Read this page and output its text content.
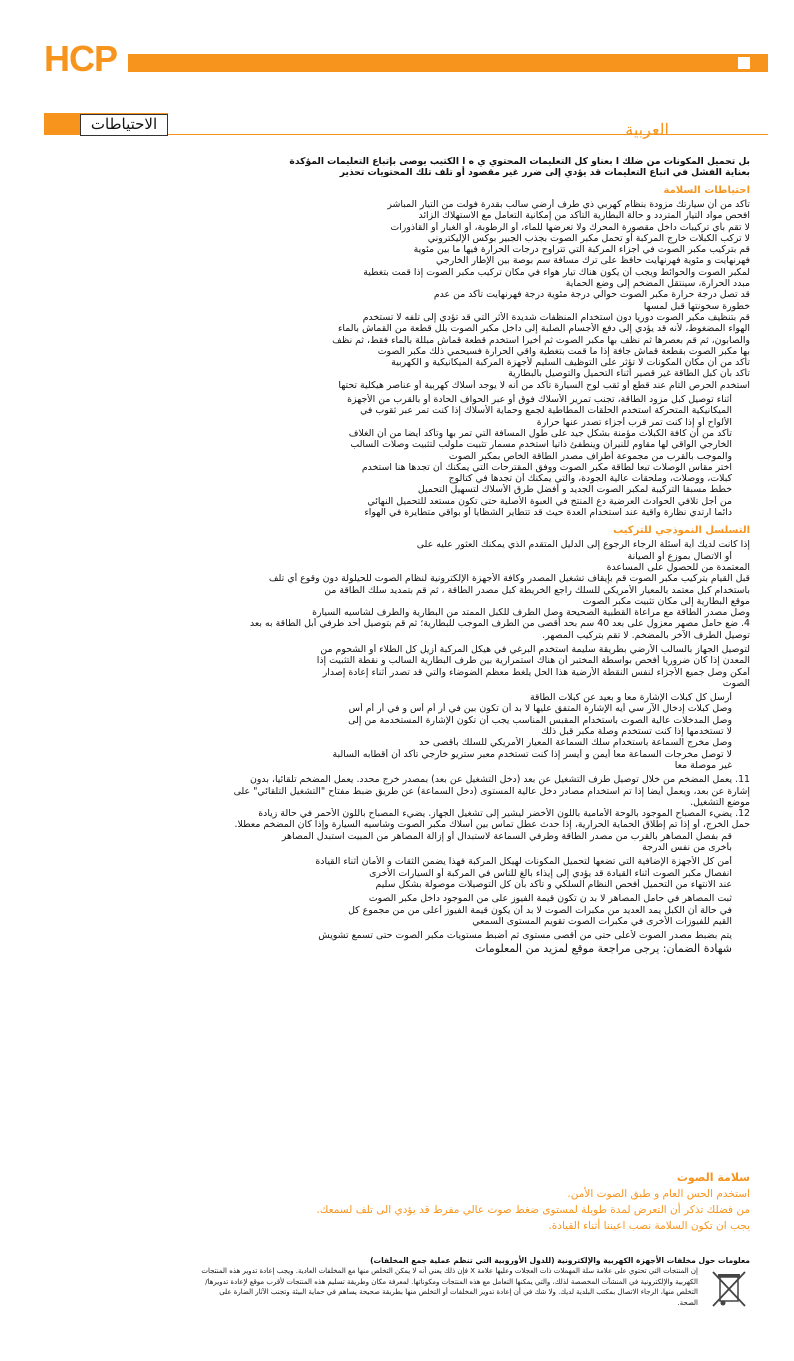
HCP
الاحتياطات	العربية
بل تحميل المكونات من ضلك ا بعناو كل التعليمات المحتوي ي ه ا الكتيب يوصى بإتباع التعليمات المؤكدة
بعناية الفشل في اتباع التعليمات قد يؤدي إلى ضرر غير مقصود أو تلف تلك المحتويات تحذير
احتياطات السلامة
تأكد من أن سيارتك مزودة بنظام كهربي ذي طرف أرضي سالب بقدرة فولت من التيار المباشر
افحص مواد التيار المتردد و حالة البطارية التأكد من إمكانية التعامل مع الاستهلاك الزائد
لا تقم بأي تركيبات داخل مقصورة المحرك ولا تعرضها للماء، أو الرطوبة، أو الغبار أو القاذورات
لا تركب الكبلات خارج المركبة أو تحمل مكبر الصوت بجذب الجبير بوكس الإليكتروني
قم بتركيب مكبر الصوت في أجزاء المركبة التي تتراوح درجات الحرارة فيها ما بين مئوية
فهرنهايت و مئوية فهرنهايت حافظ على ترك مسافة سم بوصة بين الإطار الخارجي
لمكبر الصوت والحوائط ويجب أن يكون هناك تيار هواء في مكان تركيب مكبر الصوت إذا قمت بتغطية
مبدد الحرارة، سينتقل المضخم إلى وضع الحماية
قد تصل درجة حرارة مكبر الصوت حوالي درجة مئوية درجة فهرنهايت تأكد من عدم
خطورة سخونتها قبل لمسها
قم بتنظيف مكبر الصوت دوريا دون استخدام المنظفات شديدة الأثر التي قد تؤدي إلى تلفه لا تستخدم
الهواء المضغوط، لأنه قد يؤدي إلى دفع الأجسام الصلبة إلى داخل مكبر الصوت بلل قطعة من القماش بالماء
والصابون، ثم قم بعصرها ثم نظف بها مكبر الصوت ثم أخيرا استخدم قطعة قماش مبللة بالماء فقط، ثم نظف
بها مكبر الصوت بقطعة قماش جافة إذا ما قمت بتغطية واقي الحرارة فسيحمي ذلك مكبر الصوت
تأكد من أن مكان المكونات لا تؤثر على التوظيف السليم لأجهزة المركبة الميكانيكية و الكهربية
تأكد بأن كبل الطاقة غير قصير أثناء التحميل والتوصيل بالبطارية
استخدم الحرص التام عند قطع أو ثقب لوح السيارة تأكد من أنه لا يوجد أسلاك كهربية أو عناصر هيكلية تحتها
أثناء توصيل كبل مزود الطاقة، تجنب تمرير الأسلاك فوق أو عبر الحواف الحادة أو بالقرب من الأجهزة
الميكانيكية المتحركة استخدم الحلقات المطاطية لجمع وحماية الأسلاك إذا كنت تمر عبر ثقوب في
الألواح أو إذا كنت تمر قرب أجزاء تصدر عنها حرارة
تأكد من أن كافة الكبلات مؤمنة بشكل جيد على طول المسافة التي تمر بها وتأكد أيضا من أن الغلاف
الخارجي الواقي لها مقاوم للنيران وينطفئ ذاتيا استخدم مسمار تثبيت ملولب لتثبيت وصلات السالب
والموجب بالقرب من مجموعة أطراف مصدر الطاقة الخاص بمكبر الصوت
اختر مقاس الوصلات تبعا لطاقة مكبر الصوت ووفق المقترحات التي يمكنك أن تجدها هنا استخدم
كبلات، ووصلات، وملحقات عالية الجودة، والتي يمكنك أن تجدها في كتالوج
خطط مسبقا التركيبة لمكبر الصوت الجديد و أفضل طرق الأسلاك لتسهيل التحميل
من أجل تلافي الحوادث العرضية دع المنتج في العبوة الأصلية حتى تكون مستعد للتحميل النهائي
دائما ارتدي نظارة واقية عند استخدام العدة حيث قد تتطاير الشظايا أو بواقي متطايرة في الهواء
التسلسل النموذجي للتركيب
إذا كانت لديك أية أسئلة الرجاء الرجوع إلى الدليل المتقدم الذي يمكنك العثور عليه على
أو الاتصال بموزع أو الصيانة
المعتمدة من للحصول على المساعدة
قبل القيام بتركيب مكبر الصوت قم بإيقاف تشغيل المصدر وكافة الأجهزة الإلكترونية لنظام الصوت للحيلولة دون وقوع أي تلف
باستخدام كبل معتمد بالمعيار الأمريكي للسلك راجع الخريطة كبل مصدر الطاقة ، ثم قم بتمديد سلك الطاقة من
موقع البطارية إلى مكان تثبيت مكبر الصوت
وصل مصدر الطاقة مع مراعاة القطبية الصحيحة وصل الطرف للكبل الممتد من البطارية والطرف لشاسيه السيارة
4. ضع حامل مصهر معزول على بعد 40 سم بحد أقصى من الطرف الموجب للبطارية؛ ثم قم بتوصيل أحد طرفي أبل الطاقة به بعد
توصيل الطرف الآخر بالمضخم. لا تقم بتركيب المصهر.
لتوصيل الجهاز بالسالب الأرضي بطريقة سليمة استخدم البرغي في هيكل المركبة أزيل كل الطلاء أو الشحوم من
المعدن إذا كان ضروريا أفحص بواسطة المختبر أن هناك استمرارية بين طرف البطارية السالب و نقطة التثبيت إذا
أمكن وصل جميع الأجزاء لنفس النقطة الأرضية هذا الحل يلغط معظم الضوضاء والتي قد تصدر أثناء إعادة إصدار
الصوت
أرسل كل كبلات الإشارة معا و بعيد عن كبلات الطاقة
وصل كبلات إدخال الآر سي أيه الإشارة المتفق عليها لا بد أن تكون بين في أر أم أس و في أر أم أس
وصل المدخلات عالية الصوت باستخدام المقبس المناسب يجب أن تكون الإشارة المستخدمة من إلى
لا تستخدمها إذا كنت تستخدم وصلة مكبر قبل ذلك
وصل مخرج السماعة باستخدام سلك السماعة المعيار الأمريكي للسلك بأقصى حد
لا توصل مخرجات السماعة معا أيمن و أيسر إذا كنت تستخدم معبر ستريو خارجي تأكد أن أقطابه السالبة
غير موصلة معا
11. يعمل المضخم من خلال توصيل طرف التشغيل عن بعد (دخل التشغيل عن بعد) بمصدر خرج محدد. يعمل المضخم تلقائيا، بدون
إشارة عن بعد، ويعمل أيضا إذا تم استخدام مصادر دخل عالية المستوى (دخل السماعة) عن طريق ضبط مفتاح "التشغيل التلقائي" على
موضع التشغيل.
12. يضيء المصباح الموجود بالوحة الأمامية باللون الأخضر ليشير إلى تشغيل الجهاز. يضيء المصباح باللون الأحمر في حالة زيادة
حمل الخرج، أو إذا تم إطلاق الحماية الحرارية، إذا حدث عطل تماس بين أسلاك مكبر الصوت وشاسيه السيارة وإذا كان المضخم معطلا.
قم بفصل المصاهر بالقرب من مصدر الطاقة وطرفي السماعة لاستبدال أو إزالة المصاهر من المبيت استبدل المصاهر
بأخرى من نفس الدرجة
أمن كل الأجهزة الإضافية التي تضعها لتحميل المكونات لهيكل المركبة فهذا يضمن الثقات و الأمان أثناء القيادة
انفصال مكبر الصوت أثناء القيادة قد يؤدي إلى إيذاء بالغ للناس في المركبة أو السيارات الأخرى
عند الانتهاء من التحميل أفحص النظام السلكي و تأكد بأن كل التوصيلات موصولة بشكل سليم
ثبت المصاهر في حامل المصاهر لا بد ن تكون قيمة الفيوز على من الموجود داخل مكبر الصوت
في حالة أن الكبل يمد العديد من مكبرات الصوت لا بد أن يكون قيمة الفيوز أعلى من من مجموع كل
القيم للفيوزات الأخرى في مكبرات الصوت تقويم المستوى السمعي
يتم بضبط مصدر الصوت لأعلى حتى من أقصى مستوى ثم أضبط مستويات مكبر الصوت حتى تسمع تشويش
شهادة الضمان: يرجى مراجعة موقع لمزيد من المعلومات
سلامة الصوت
استخدم الحس العام و طبق الصوت الأمن.
من فضلك تذكر أن التعرض لمدة طويلة لمستوى ضغط صوت عالي مفرط قد يؤدي الى تلف لسمعك.
يجب ان تكون السلامة نصب اعيننا أثناء القيادة.
معلومات حول مخلفات الأجهزة الكهربية والإلكترونية (للدول الأوروبية التي تنظم عملية جمع المخلفات)
إن المنتجات التي تحتوي على علامة سلة المهملات ذات العجلات وعليها علامة X فإن ذلك يعني أنه لا يمكن التخلص منها مع المخلفات العادية. ويجب إعادة تدوير هذه المنتجات
الكهربية والإلكترونية في المنشآت المخصصة لذلك، والتي يمكنها التعامل مع هذه المنتجات ومكوناتها. لمعرفة مكان وطريقة تسليم هذه المنتجات لأقرب موقع لإعادة تدويرها/
التخلص منها، الرجاء الاتصال بمكتب البلدية لديك. ولا شك في أن إعادة تدوير المخلفات أو التخلص منها بطريقة صحيحة يساهم في حماية البيئة وتجنب الآثار الضارة على
الصحة.
